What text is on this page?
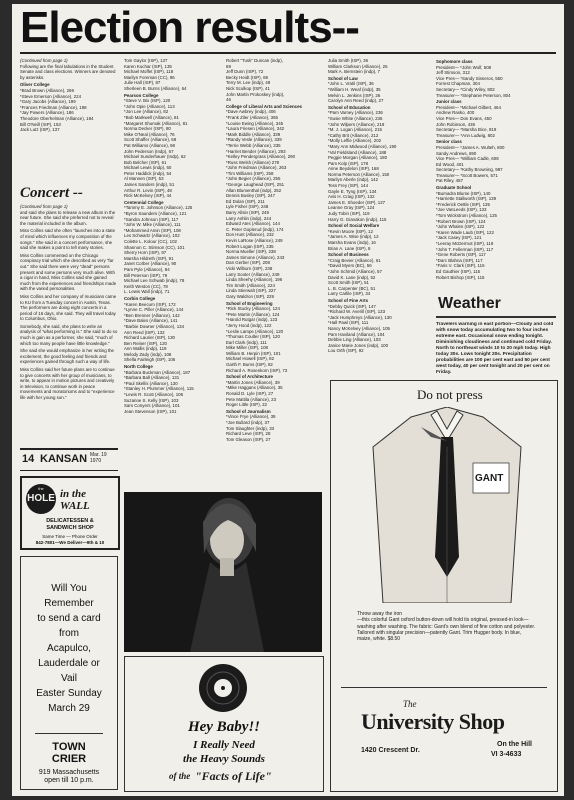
Election results--
(Continued from page 1)

Following are the final tabulations in the Student Senate and class elections. Winners are denoted by asterisks.

Oliver College
*Brad Brown (Alliance), 269
*Steve Emerson (Alliance), 224
*Gary Jacobs (Alliance), 199
*Frances Friedman (Alliance), 198
*Jay Powers (Alliance), 186
Theodore Oberhelman (Alliance), 184
Bill O'Neill (ISP), 153
Jack Lutz (ISP), 137
Concert --
(Continued from page 1)

and said she plans to release a new album in the near future. She said she preferred not to reveal the material included in the album.

Miss Collins said she often "launches into a state of mind which influences my composition of the songs." She said in a concert performance, she said she makes a point to tell many stories.

Miss Collins commented on the Chicago conspiracy trial which she described as very "far out." She said there were very "dead" persons present and some persons very much alive. With a cigar in hand, Miss Collins said she gained much from the experiences and friendships made with the varied personalities.

Miss Collins and her company of musicians came to KU from a Tuesday concert in Austin, Texas. The performers are doing eight concerts in a period of 16 days, she said. They will travel today to Columbus, Ohio.

Somebody, she said, she plans to write an analysis of "what performing is." She said to do so much is gain as a performer, she said, "much of which too many people have little knowledge."

She said she would emphasize in her writing the excitement, the good feeling and friends and experiences gained through such a way of life.

Miss Collins said her future plans are to continue to give concerts with her group of musicians, to write, to appear in motion pictures and creatively in television, to continue work in peace movements and moratoriums and to "experience life with her young son."

14 KANSAN Mar. 19
1970
the
HOLE in the WALL
DELICATESSEN &
SANDWICH SHOP
Same Time — Phone Order
842-7801—We Deliver—9th & 10
Will You
Remember
to send a card
from
Acapulco,
Lauderdale or
Vail
Easter Sunday
March 29
TOWN
CRIER
919 Massachusetts
open till 10 p.m.
Tom Gaylor (ISP), 137
Karen Kuchar (ISP), 135
Michael Moffet (ISP), 118
Marilyn Foreman (CC), 96
Julie Hall (ISP), 87
Sherleen B. Burns (Alliance), 64
Pearson College
*Steve V. Bix (ISP), 120
*John Opie (Alliance), 113
*Jon Lee (Alliance), 82
*Bob Markwell (Alliance), 81
*Margaret Shumak (Alliance), 81
Norma Decker (ISP), 80
Mike O'Neal (Alliance), 76
Scott Shaffer (Alliance), 68
Pat Williams (Alliance), 68
John Pederson (Indp), 67
Michael Sunderhauer (Indp), 62
Bob Belcher (ISP), 61
Michael Lewis (indp), 60
Peter Haddick (indp), 54
Al Mannen (ISP), 53
James Sanders (indp), 51
Arthur R. Levin (ISP), 48
Rick McKelvey (ISP), 44
Centennial College
*Tammy E. Johnson (Alliance), 125
*Byron Saunders (Alliance), 121
*Sandra Johnson (ISP), 117
*John W. Mike (Alliance), 111
*Mohammed Amin (ISP), 108
Les Schwartz (Alliance), 102
Colette L. Kolour (CC), 102
Shannon C. Stimson (CC), 101
Sherry Horn (ISP), 97
Marsha Hildreth (ISP), 91
Janet Corber (Alliance), 90
Pam Pyle (Alliance), 84
Bill Peterson (ISP), 79
Michael Lee Schwab (indp), 78
Keith Weston (CC), 78
L. Lewis Wall (indp), 71
Corbin College
*Karen Beecum (ISP), 172
*Lynne C. Piller (Alliance), 144
*Ben Brenner (Alliance), 142
*Dave Bales (Alliance), 141
*Barbie Downer (Alliance), 134
Ann Reed (ISP), 132
Richard Laurier (ISP), 130
Ben Reiner (ISP), 120
Ann Wallis (indp), 119
Melody Zady (indp), 108
Shella Fairleigh (ISP), 106
North College
*Barbara Buckman (Alliance), 187
*Barbara Ball (Alliance), 131
*Paul Skellis (Alliance), 130
*Stanley H. Plummer (Alliance), 115
*Lewis R. Scott (Alliance), 106
Suzanne S. Kelly (ISP), 103
Sam Conyers (Alliance), 101
Jean Stevenson (ISP), 101
Robert "Tusk" Duncan (indp),
69
Jeff Dunn (ISP), 72
Becky Heidt (ISP), 69
Terry M. Lee (indp), 48
Nick Sculkop (ISP), 41
John Martin Prokoskey (indp),
46
College of Liberal Arts and Sciences
*Dave Awbrey (indp), 406
*Frank Ziler (Alliance), 365
*Louise Ewing (Alliance), 345
*Laura Friesen (Alliance), 342
*Mark Biddle (Alliance), 339
*Randy Vesle (Alliance), 339
*Terrie Webb (Alliance), 335
*Harriet Bender (Alliance), 293
*Kelley Pendergrass (Alliance), 290
*Russ Welsh (Alliance) 278
*John Friedman (Alliance), 263
*Tim Williams (ISP), 258
*John Begier (Alliance), 255
*George Laughead (ISP), 251
Allan Blumenthal (indp), 252
Dennis Busley (ISP), 247
Ed Dolan (ISP), 211
Lyle Fisher (ISP), 248
Barry Allsin (ISP), 249
Larry Ashlin (indp), 244
Edward Ates (Alliance), 144
C. Peter Goplerud (indp), 174
Don Hunt (Alliance), 232
Kevin LaRose (Alliance), 249
Robert Logan (ISP), 235
Norma Mueller (ISP), 238
James Simone (Alliance), 243
Dan Gerber (ISP), 208
Vicki Wilburn (ISP), 238
Larry Sooter (Alliance), 249
Linda Sheehy (Alliance), 196
Tim Smith (Alliance), 224
Linda Stierwalt (ISP), 227
Gary Waldron (ISP), 229
School of Engineering
*Rick Stucky (Alliance), 124
*Pete Martin (Alliance), 124
*Harold Rutgar (indp), 123
*Jerry Hood (indp), 122
*Leslie Lampe (Alliance), 120
*Thomas Coulter (ISP), 120
Earl Clark (indp), 111
Mike Miller (ISP), 108
William B. Herpin (ISP), 101
Michael Howell (ISP), 82
Garth F. Burns (ISP), 82
Richard A. Rosenkorn (ISP), 73
School of Architecture
*Martin Jones (Alliance), 39
*Mike Haggans (Alliance), 35
Ronald D. Lyle (ISP), 27
Pete Mattila (Alliance), 23
Roger Little (ISP), 22
School of Journalism
*Vince Frye (Alliance), 39
*Joe Bullard (indp), 37
Tom Slaughter (indp), 33
Richard Leve (ISP), 28
Tom Gleason (ISP), 27
Julia Smith (ISP), 36
William Clarkson (Alliance), 25
Mark A. Bernstein (indp), 7
School of Law
*John L. Vratil (ISP), 36
*William H. Weaf (indp), 35
Melvin L. Jenkins (ISP), 26
Carolyn Ann Reed (indp), 27
School of Education
*Pam Varney (Alliance), 236
*Susie White (Alliance), 236
*John Wilpers (Alliance), 219
*M. J. Logan (Alliance), 215
*Cathy Brit (Alliance), 212
*Molly Leffie (Alliance), 202
*Mary Ann Midwood (Alliance), 190
*Val Fieldsland (Alliance), 188
Peggie Morgan (Alliance), 180
Pam Kolp (ISP), 178
Anne Beydelon (ISP), 168
Norma Peterson (Alliance), 150
Marilyn Aberle (indp), 142
Tess Frey (ISP), 144
Gayle E. Tyng (ISP), 134
Avis H. Craig (ISP), 132
James E. Shoeder (ISP), 127
Leanne Gray (ISP), 124
Judy Tobin (ISP), 119
Harry G. Gianakon (indp), 115
School of Social Welfare
*Kevin Moore (ISP), 12
*James A. Wise (indp), 12
Marsha Evans (indp), 16
Brian A. Lane (ISP), 8
School of Business
*Craig Bevier (Alliance), 61
*David Myers (BC), 56
*John Schmid (Alliance), 57
David K. Lane (indp), 52
Scott Smith (ISP), 51
L. B. Carpenter (BC), 51
Larry Carlile (ISP), 34
School of Fine Arts
*Debby Quick (ISP), 147
*Richard W. Averill (ISP), 133
*Jack Humphreys (Alliance), 130
*Hall Pawl (ISP), 111
Nancy McKelvey (Alliance), 105
Pam Haviland (Alliance), 104
Debbie Ling (Alliance), 103
Janice Marie Jones (indp), 100
Lou Orth (ISP), 92
Sophomore class
President— *John Wolf, 508
Jeff Stimson, 312
Vice Pres— *Sandy Sisneros, 550
Forrest Chapman, 304
Secretary— *Cindy Wiley, 802
Treasurer— *Stephanie Peterson, 804
Junior class
President— *Michael Gilbert, 464
Andrew Rasko, 400
Vice Pres— Don Evans, 450
John Robinson, 436
Secretary— *Marsha Bice, 819
Treasurer— *Ann Ludwig, 802
Senior class
President— *James A. Wulteh, 800
Sandy Andrews, 690
Vice Pres— *William Cadle, 608
Ed Wood, 401
Secretary— *Kathy Browning, 987
Treasurer— *Scott Bowers, 571
Pat Riley, 487
Graduate School
*Burnadra Blume (ISP), 140
*Harriette Stallworth (ISP), 139
*Frederick Oettle (ISP), 135
*Joe VanLeeds (ISP), 133
*Tom Wickstrom (Alliance), 125
*Robert Brown (ISP), 124
*John Whalen (ISP), 122
*Karen Wade Laub (ISP), 122
*Jack Casey (ISP), 121
*Leeray McDermot (ISP), 119
*John T. Fellerman (ISP), 117
*Gene Roberts (ISP), 117
*Darc Blahna (ISP), 117
*Faris V. Clark (ISP), 116
Ed Gauthier (ISP), 115
Robert Bishop (ISP), 115
Weather
Travelers warning in east portion—Cloudy and cold with snow today accumulating two to four inches extreme east. Occasional snow ending tonight. Diminishing cloudiness and continued cold Friday. North to northeast winds 10 to 20 mph today. High today 30s. Lows tonight 20s. Precipitation probabilities are 100 per cent east and 50 per cent west today, 40 per cent tonight and 20 per cent on Friday.
Hey Baby!!
I Really Need
the Heavy Sounds
of the "Facts of Life"
Do not press
GANT
Throw away the iron
—this colorful Gant oxford button-down will hold its original, pressed-in look—washing after washing. The fabric: Gant's own blend of fine cotton and polyester. Tailored with singular precision—patently Gant. Trim Hugger body. In blue, maize, white. $8.50
The
University Shop
1420 Crescent Dr.
On the Hill
VI 3-4633
